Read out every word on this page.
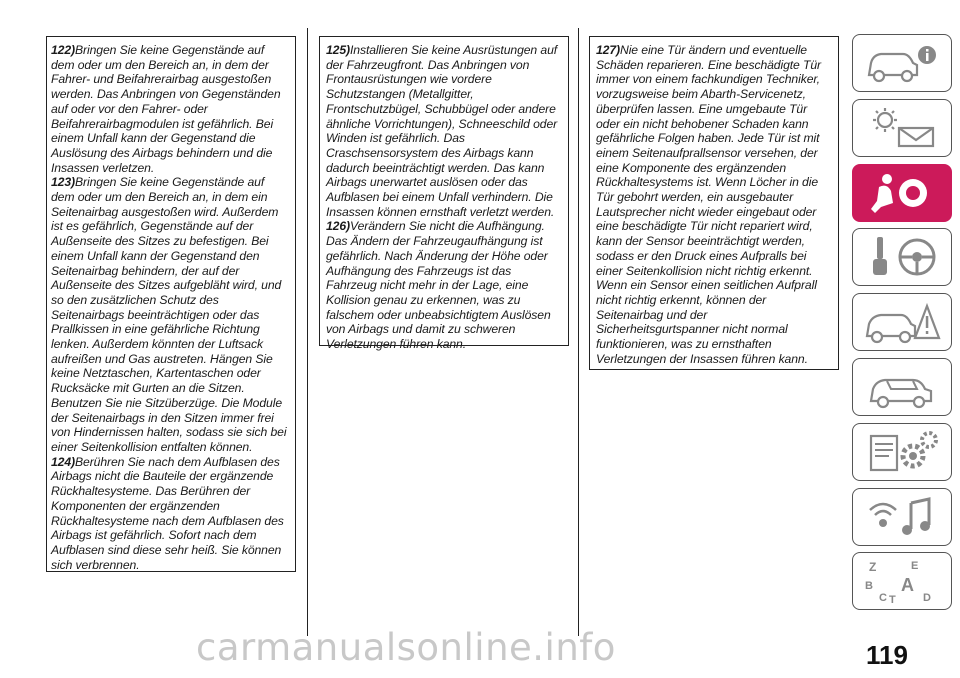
122)Bringen Sie keine Gegenstände auf dem oder um den Bereich an, in dem der Fahrer- und Beifahrerairbag ausgestoßen werden. Das Anbringen von Gegenständen auf oder vor den Fahrer- oder Beifahrerairbagmodulen ist gefährlich. Bei einem Unfall kann der Gegenstand die Auslösung des Airbags behindern und die Insassen verletzen.

123)Bringen Sie keine Gegenstände auf dem oder um den Bereich an, in dem ein Seitenairbag ausgestoßen wird. Außerdem ist es gefährlich, Gegenstände auf der Außenseite des Sitzes zu befestigen. Bei einem Unfall kann der Gegenstand den Seitenairbag behindern, der auf der Außenseite des Sitzes aufgebläht wird, und so den zusätzlichen Schutz des Seitenairbags beeinträchtigen oder das Prallkissen in eine gefährliche Richtung lenken. Außerdem könnten der Luftsack aufreißen und Gas austreten. Hängen Sie keine Netztaschen, Kartentaschen oder Rucksäcke mit Gurten an die Sitzen. Benutzen Sie nie Sitzüberzüge. Die Module der Seitenairbags in den Sitzen immer frei von Hindernissen halten, sodass sie sich bei einer Seitenkollision entfalten können.

124)Berühren Sie nach dem Aufblasen des Airbags nicht die Bauteile der ergänzende Rückhaltesysteme. Das Berühren der Komponenten der ergänzenden Rückhaltesysteme nach dem Aufblasen des Airbags ist gefährlich. Sofort nach dem Aufblasen sind diese sehr heiß. Sie können sich verbrennen.

125)Installieren Sie keine Ausrüstungen auf der Fahrzeugfront. Das Anbringen von Frontausrüstungen wie vordere Schutzstangen (Metallgitter, Frontschutzbügel, Schubbügel oder andere ähnliche Vorrichtungen), Schneeschild oder Winden ist gefährlich. Das Craschsensorsystem des Airbags kann dadurch beeinträchtigt werden. Das kann Airbags unerwartet auslösen oder das Aufblasen bei einem Unfall verhindern. Die Insassen können ernsthaft verletzt werden.

126)Verändern Sie nicht die Aufhängung. Das Ändern der Fahrzeugaufhängung ist gefährlich. Nach Änderung der Höhe oder Aufhängung des Fahrzeugs ist das Fahrzeug nicht mehr in der Lage, eine Kollision genau zu erkennen, was zu falschem oder unbeabsichtigtem Auslösen von Airbags und damit zu schweren Verletzungen führen kann.

127)Nie eine Tür ändern und eventuelle Schäden reparieren. Eine beschädigte Tür immer von einem fachkundigen Techniker, vorzugsweise beim Abarth-Servicenetz, überprüfen lassen. Eine umgebaute Tür oder ein nicht behobener Schaden kann gefährliche Folgen haben. Jede Tür ist mit einem Seitenaufprallsensor versehen, der eine Komponente des ergänzenden Rückhaltesystems ist. Wenn Löcher in die Tür gebohrt werden, ein ausgebauter Lautsprecher nicht wieder eingebaut oder eine beschädigte Tür nicht repariert wird, kann der Sensor beeinträchtigt werden, sodass er den Druck eines Aufpralls bei einer Seitenkollision nicht richtig erkennt. Wenn ein Sensor einen seitlichen Aufprall nicht richtig erkennt, können der Seitenairbag und der Sicherheitsgurtspanner nicht normal funktionieren, was zu ernsthaften Verletzungen der Insassen führen kann.

Z	E
B A
C T D
119
carmanualsonline.info
